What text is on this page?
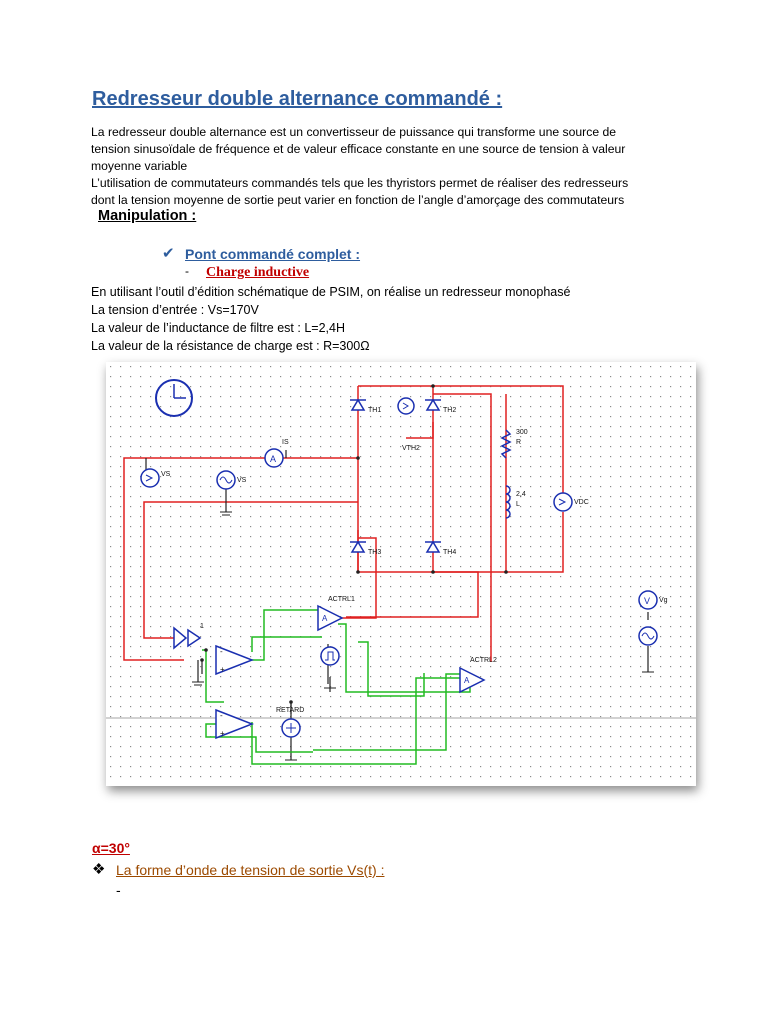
Redresseur double alternance commandé :
La redresseur double alternance est un convertisseur de puissance qui transforme une source de
tension sinusoïdale de fréquence et de valeur efficace constante en une source de tension à valeur
moyenne variable
L’utilisation de commutateurs commandés tels que les thyristors permet de réaliser des redresseurs
dont la tension moyenne de sortie peut varier en fonction de l’angle d’amorçage des commutateurs
Manipulation :
✔ Pont commandé complet :
- Charge inductive
En utilisant l’outil d’édition schématique de PSIM, on réalise un redresseur monophasé
La tension d’entrée : Vs=170V
La valeur de l’inductance de filtre est : L=2,4H
La valeur de la résistance de charge est : R=300Ω
TH1	TH2
TH3	TH4
VTH2
A
IS
VS
VS
300
R
2,4
L	VDC
1
-
+
-
+
A
ACTRL1
A
ACTRL2
RETARD
V Vg
α=30°
❖ La forme d’onde de tension de sortie Vs(t) :
-
